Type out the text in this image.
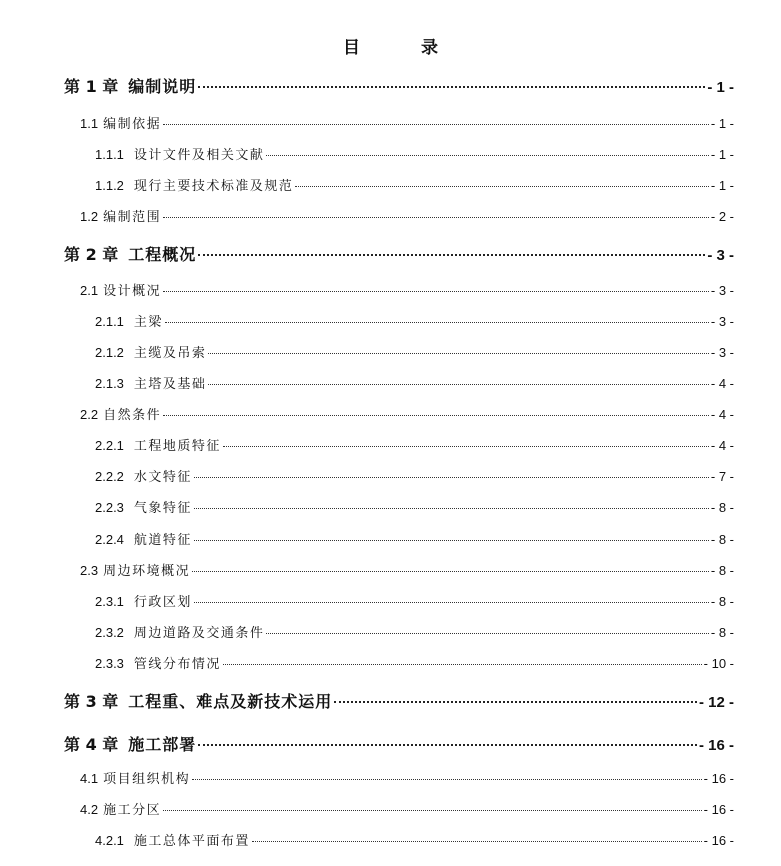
目　录
第 1 章 编制说明	- 1 -
1.1 编制依据	- 1 -
1.1.1 设计文件及相关文献	- 1 -
1.1.2 现行主要技术标准及规范	- 1 -
1.2 编制范围	- 2 -
第 2 章 工程概况	- 3 -
2.1 设计概况	- 3 -
2.1.1 主梁	- 3 -
2.1.2 主缆及吊索	- 3 -
2.1.3 主塔及基础	- 4 -
2.2 自然条件	- 4 -
2.2.1 工程地质特征	- 4 -
2.2.2 水文特征	- 7 -
2.2.3 气象特征	- 8 -
2.2.4 航道特征	- 8 -
2.3 周边环境概况	- 8 -
2.3.1 行政区划	- 8 -
2.3.2 周边道路及交通条件	- 8 -
2.3.3 管线分布情况	- 10 -
第 3 章 工程重、难点及新技术运用	- 12 -
第 4 章 施工部署	- 16 -
4.1 项目组织机构	- 16 -
4.2 施工分区	- 16 -
4.2.1 施工总体平面布置	- 16 -
